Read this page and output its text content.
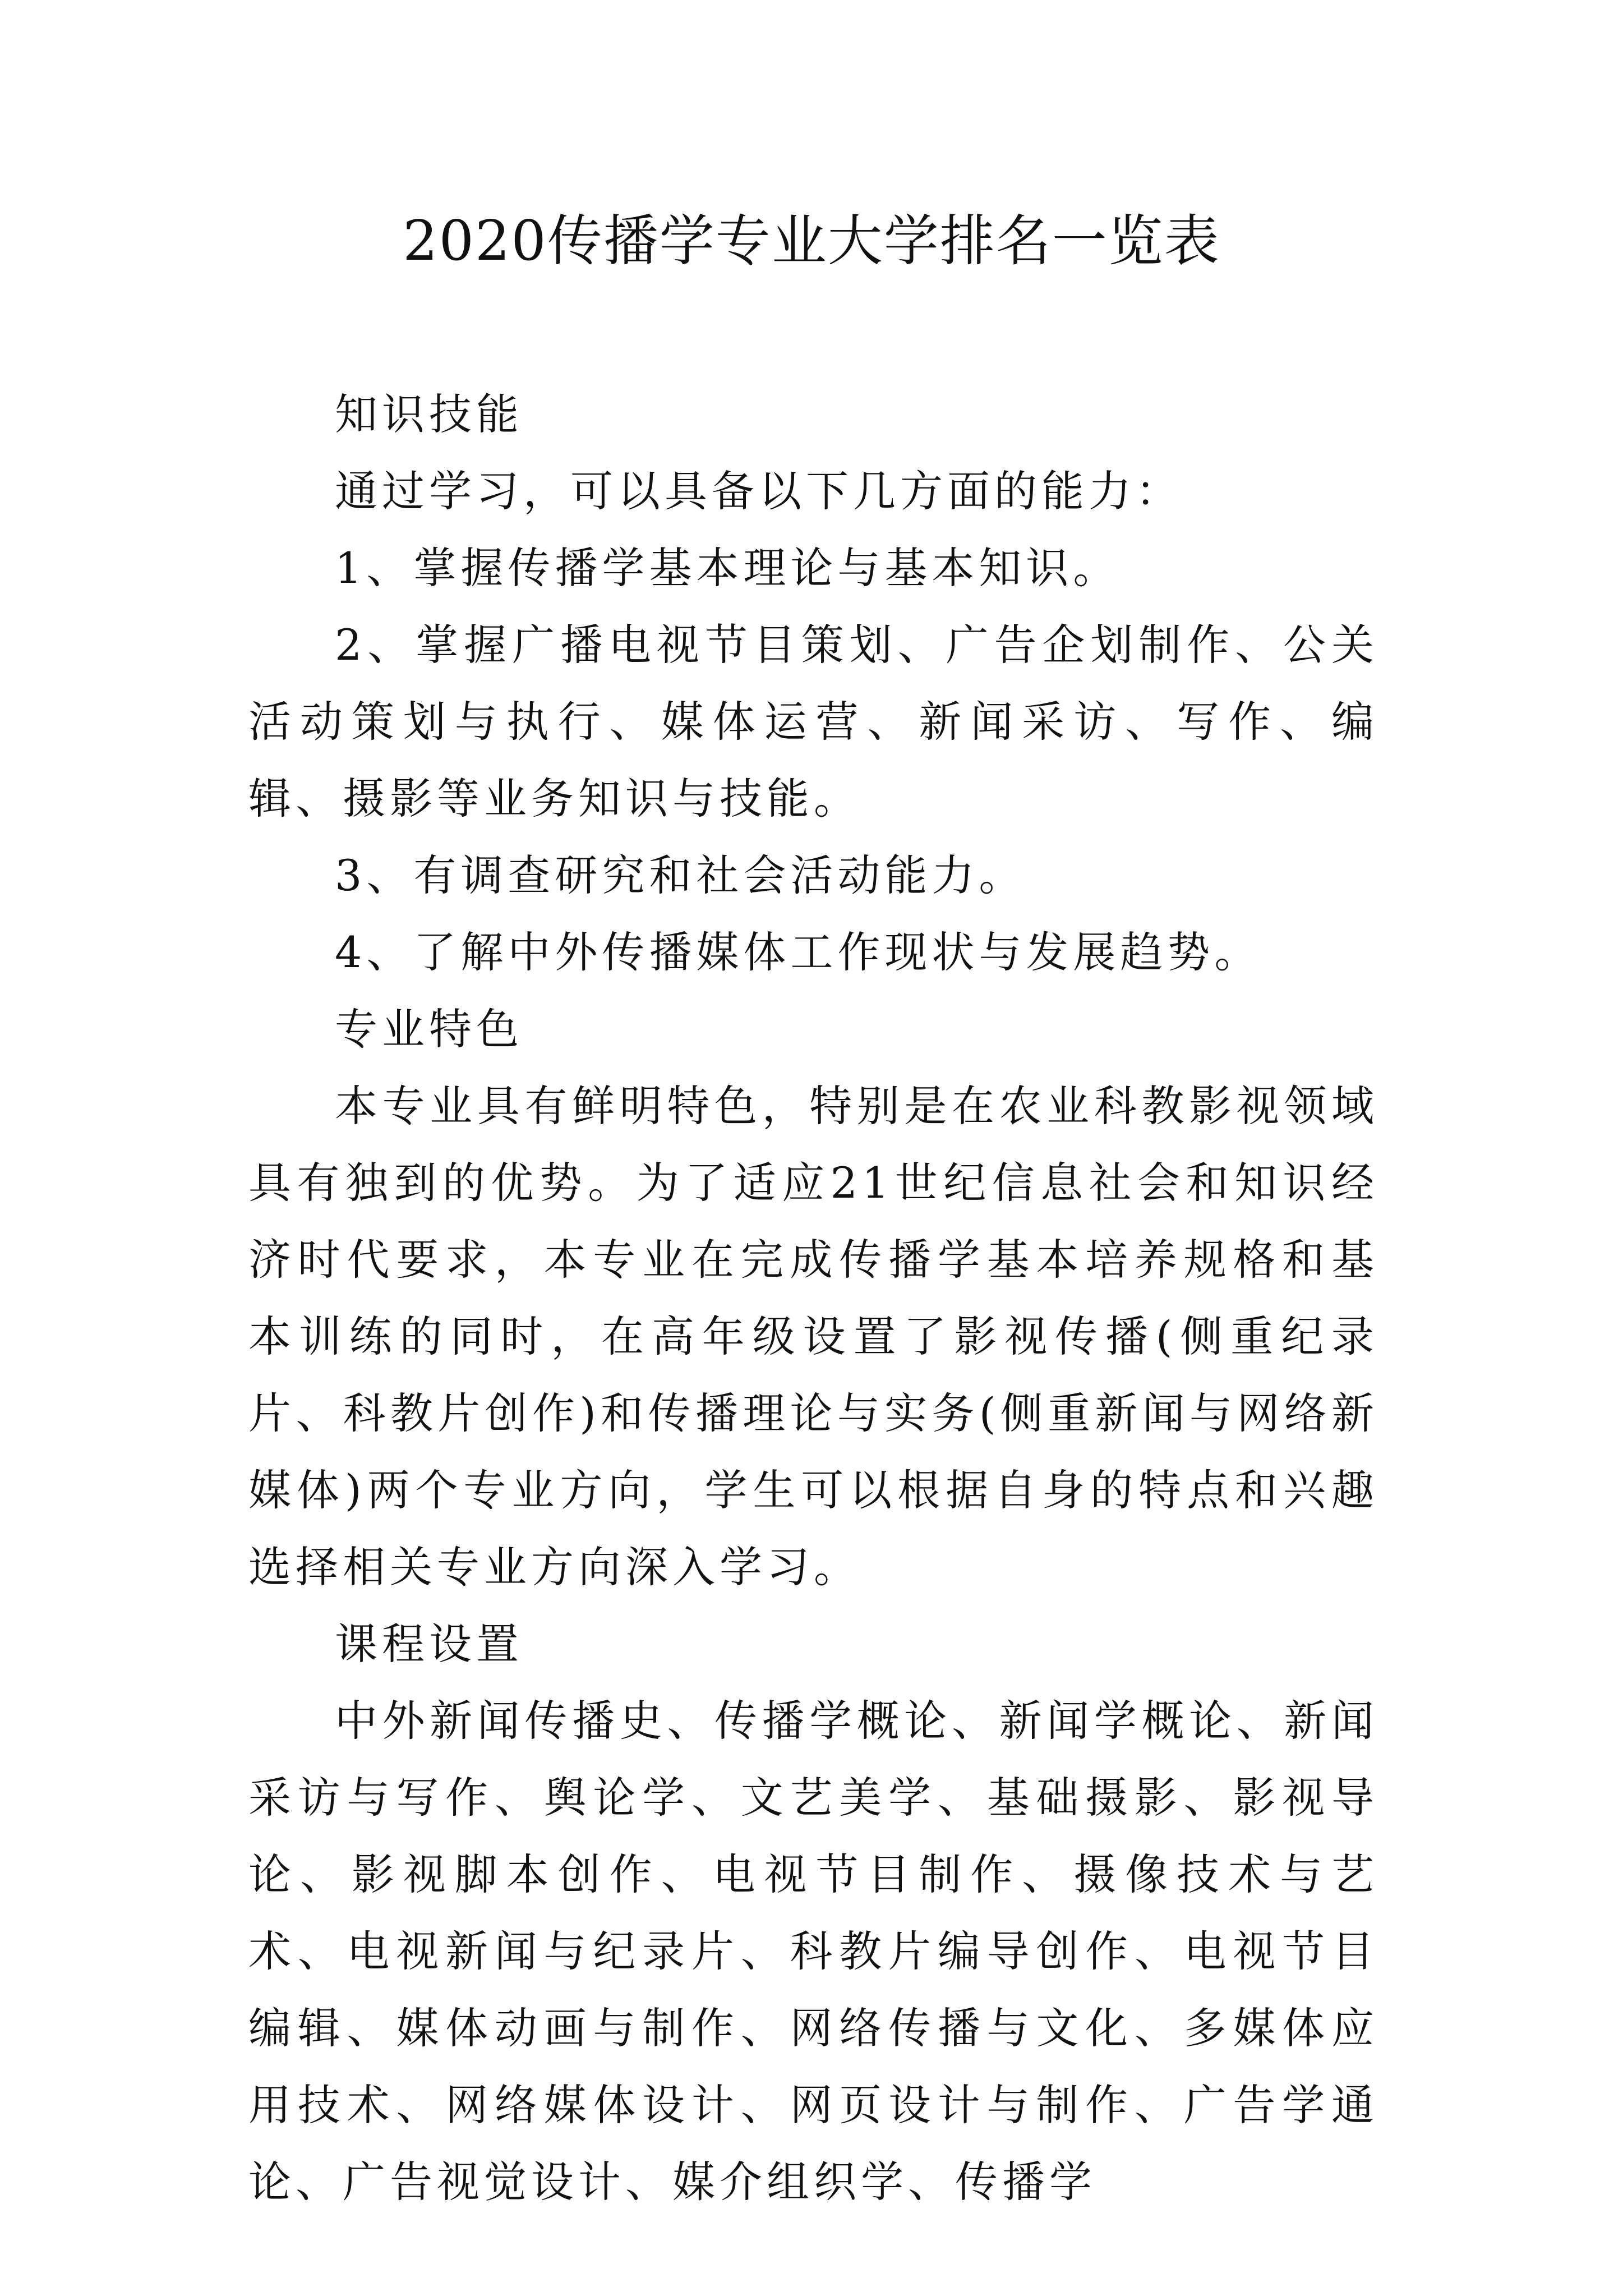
2020传播学专业大学排名一览表

知识技能

通过学习，可以具备以下几方面的能力：

1、掌握传播学基本理论与基本知识。

2、掌握广播电视节目策划、广告企划制作、公关活动策划与执行、媒体运营、新闻采访、写作、编辑、摄影等业务知识与技能。

3、有调查研究和社会活动能力。

4、了解中外传播媒体工作现状与发展趋势。

专业特色

本专业具有鲜明特色，特别是在农业科教影视领域具有独到的优势。为了适应21世纪信息社会和知识经济时代要求，本专业在完成传播学基本培养规格和基本训练的同时，在高年级设置了影视传播(侧重纪录片、科教片创作)和传播理论与实务(侧重新闻与网络新媒体)两个专业方向，学生可以根据自身的特点和兴趣选择相关专业方向深入学习。

课程设置

中外新闻传播史、传播学概论、新闻学概论、新闻采访与写作、舆论学、文艺美学、基础摄影、影视导论、影视脚本创作、电视节目制作、摄像技术与艺术、电视新闻与纪录片、科教片编导创作、电视节目编辑、媒体动画与制作、网络传播与文化、多媒体应用技术、网络媒体设计、网页设计与制作、广告学通论、广告视觉设计、媒介组织学、传播学
